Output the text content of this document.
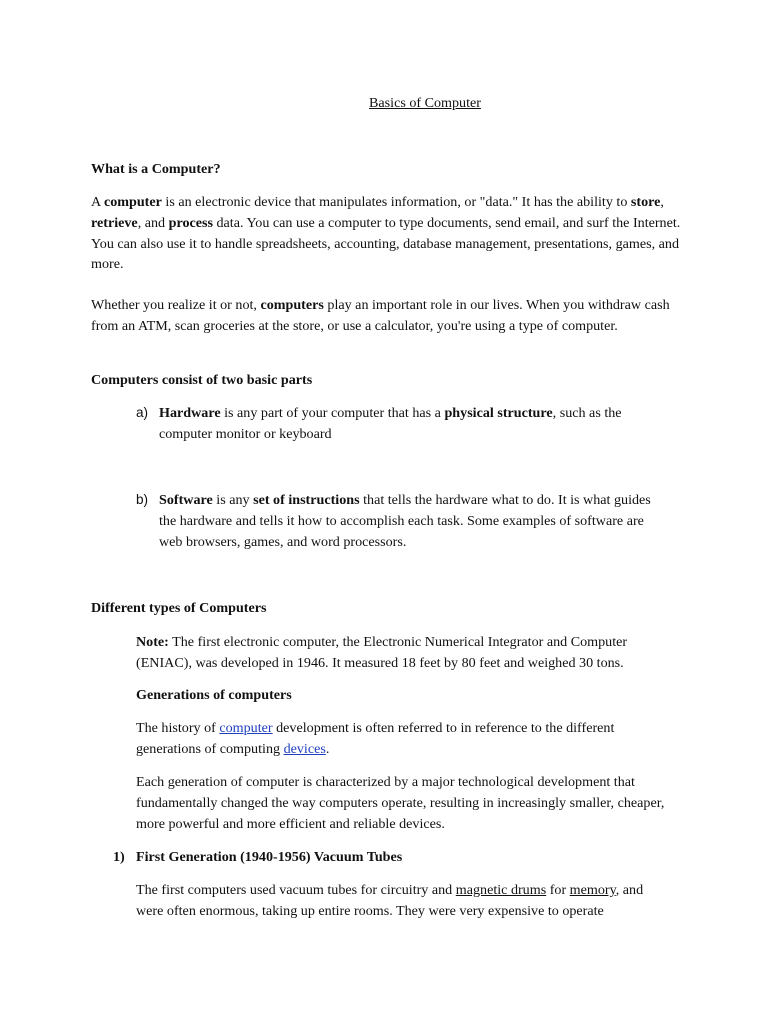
Basics of Computer
What is a Computer?

A computer is an electronic device that manipulates information, or "data." It has the ability to store, retrieve, and process data. You can use a computer to type documents, send email, and surf the Internet. You can also use it to handle spreadsheets, accounting, database management, presentations, games, and more.

Whether you realize it or not, computers play an important role in our lives. When you withdraw cash from an ATM, scan groceries at the store, or use a calculator, you're using a type of computer.

Computers consist of two basic parts
a) Hardware is any part of your computer that has a physical structure, such as the computer monitor or keyboard

b) Software is any set of instructions that tells the hardware what to do. It is what guides the hardware and tells it how to accomplish each task. Some examples of software are web browsers, games, and word processors.

Different types of Computers

Note: The first electronic computer, the Electronic Numerical Integrator and Computer (ENIAC), was developed in 1946. It measured 18 feet by 80 feet and weighed 30 tons.

Generations of computers

The history of computer development is often referred to in reference to the different generations of computing devices.

Each generation of computer is characterized by a major technological development that fundamentally changed the way computers operate, resulting in increasingly smaller, cheaper, more powerful and more efficient and reliable devices.

1) First Generation (1940-1956) Vacuum Tubes

The first computers used vacuum tubes for circuitry and magnetic drums for memory, and were often enormous, taking up entire rooms. They were very expensive to operate
